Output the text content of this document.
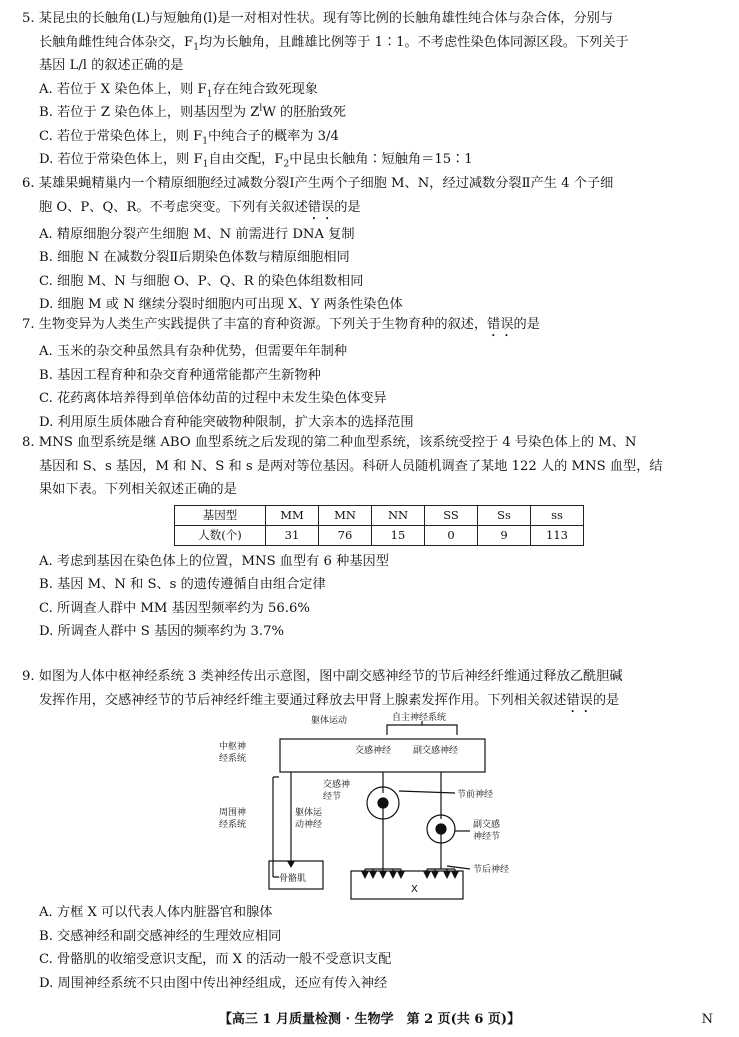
5. 某昆虫的长触角(L)与短触角(l)是一对相对性状。现有等比例的长触角雄性纯合体与杂合体，分别与
长触角雌性纯合体杂交，$F_1$均为长触角，且雌雄比例等于 1∶1。不考虑性染色体同源区段。下列关于
基因 L/l 的叙述正确的是
A. 若位于 X 染色体上，则 $F_1$存在纯合致死现象
B. 若位于 Z 染色体上，则基因型为 $Z^lW$ 的胚胎致死
C. 若位于常染色体上，则 $F_1$中纯合子的概率为 3/4
D. 若位于常染色体上，则 $F_1$自由交配，$F_2$中昆虫长触角∶短触角＝15∶1
6. 某雄果蝇精巢内一个精原细胞经过减数分裂Ⅰ产生两个子细胞 M、N，经过减数分裂Ⅱ产生 4 个子细
胞 O、P、Q、R。不考虑突变。下列有关叙述错误的是
A. 精原细胞分裂产生细胞 M、N 前需进行 DNA 复制
B. 细胞 N 在减数分裂Ⅱ后期染色体数与精原细胞相同
C. 细胞 M、N 与细胞 O、P、Q、R 的染色体组数相同
D. 细胞 M 或 N 继续分裂时细胞内可出现 X、Y 两条性染色体
7. 生物变异为人类生产实践提供了丰富的育种资源。下列关于生物育种的叙述，错误的是
A. 玉米的杂交种虽然具有杂种优势，但需要年年制种
B. 基因工程育种和杂交育种通常能都产生新物种
C. 花药离体培养得到单倍体幼苗的过程中未发生染色体变异
D. 利用原生质体融合育种能突破物种限制，扩大亲本的选择范围
8. MNS 血型系统是继 ABO 血型系统之后发现的第二种血型系统，该系统受控于 4 号染色体上的 M、N
基因和 S、s 基因，M 和 N、S 和 s 是两对等位基因。科研人员随机调查了某地 122 人的 MNS 血型，结
果如下表。下列相关叙述正确的是
基因型	MM	MN	NN	SS	Ss	ss
人数(个)	31	76	15	0	9	113
A. 考虑到基因在染色体上的位置，MNS 血型有 6 种基因型
B. 基因 M、N 和 S、s 的遗传遵循自由组合定律
C. 所调查人群中 MM 基因型频率约为 56.6%
D. 所调查人群中 S 基因的频率约为 3.7%
9. 如图为人体中枢神经系统 3 类神经传出示意图，图中副交感神经节的节后神经纤维通过释放乙酰胆碱
发挥作用，交感神经节的节后神经纤维主要通过释放去甲肾上腺素发挥作用。下列相关叙述错误的是
躯体运动	自主神经系统
交感神经 副交感神经
中枢神
经系统
周围神
经系统
躯体运
动神经
交感神
经节	节前神经
副交感
神经节
节后神经
骨骼肌
X
A. 方框 X 可以代表人体内脏器官和腺体
B. 交感神经和副交感神经的生理效应相同
C. 骨骼肌的收缩受意识支配，而 X 的活动一般不受意识支配
D. 周围神经系统不只由图中传出神经组成，还应有传入神经
【高三 1 月质量检测 · 生物学　第 2 页(共 6 页)】	N
